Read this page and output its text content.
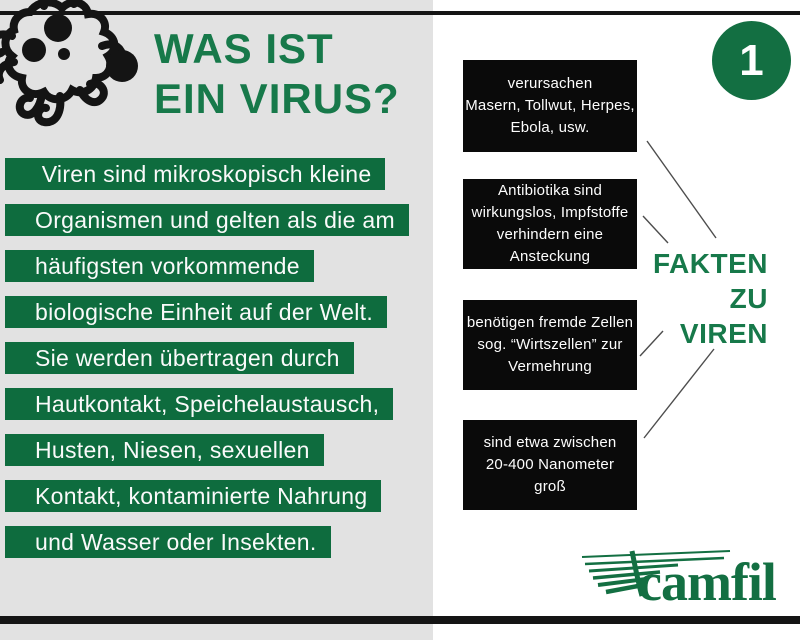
WAS IST
EIN VIRUS?
Viren sind mikroskopisch kleine
Organismen und gelten als die am
häufigsten vorkommende
biologische Einheit auf der Welt.
Sie werden übertragen durch
Hautkontakt, Speichelaustausch,
Husten, Niesen, sexuellen
Kontakt, kontaminierte Nahrung
und Wasser oder Insekten.
verursachen
Masern, Tollwut, Herpes,
Ebola, usw.
Antibiotika sind
wirkungslos, Impfstoffe
verhindern eine
Ansteckung
benötigen fremde Zellen
sog. “Wirtszellen” zur
Vermehrung
sind etwa zwischen
20-400 Nanometer
groß
FAKTEN
ZU
VIREN
1
camfil
